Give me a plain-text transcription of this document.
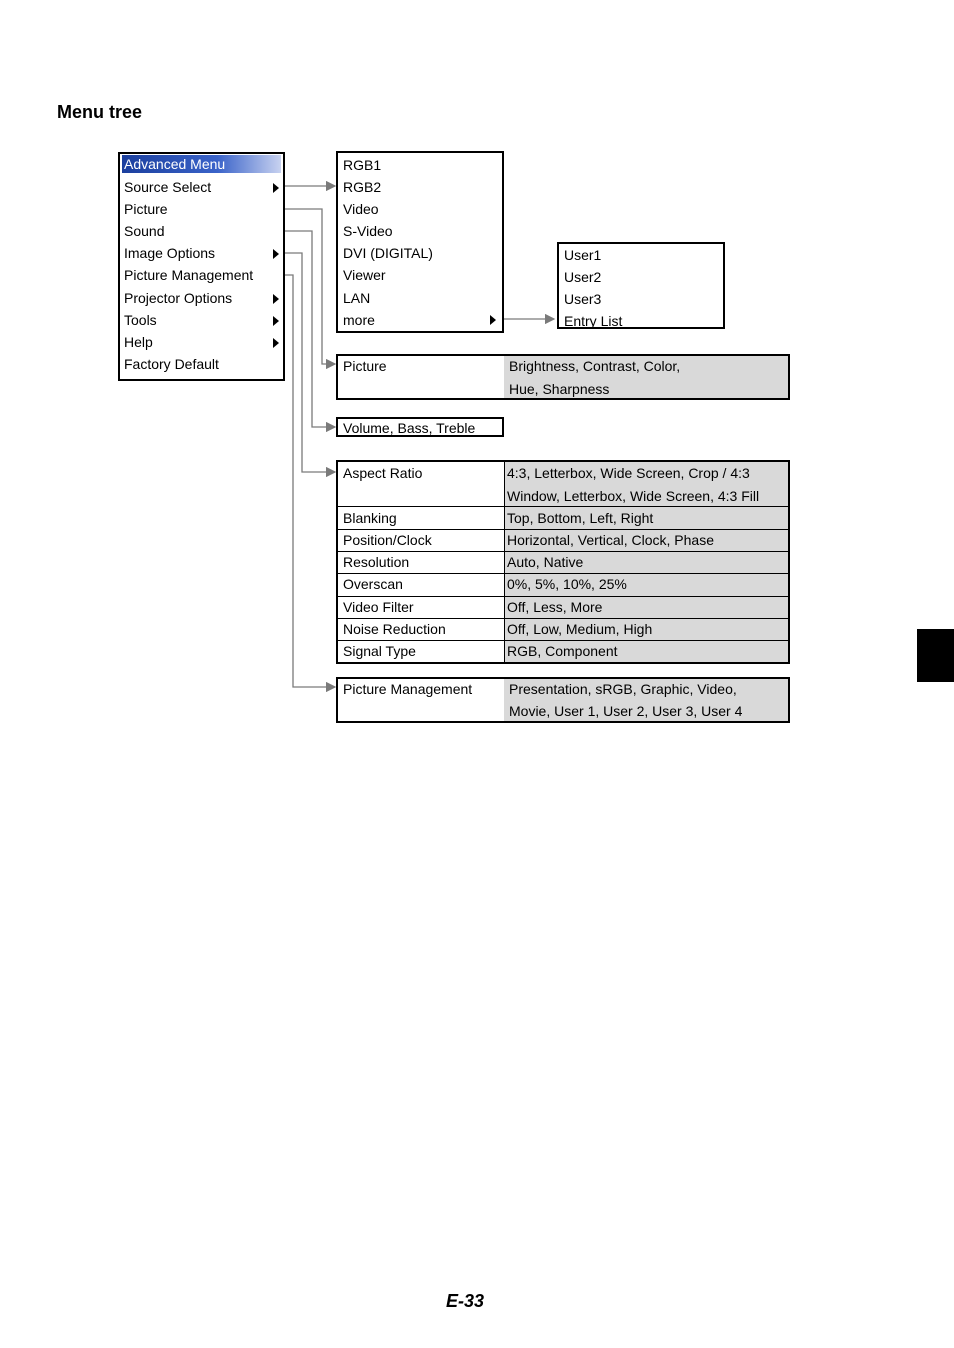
Menu tree
Advanced Menu
Source Select
Picture
Sound
Image Options
Picture Management
Projector Options
Tools
Help
Factory Default
RGB1
RGB2
Video
S-Video
DVI (DIGITAL)
Viewer
LAN
more
User1
User2
User3
Entry List
Picture	Brightness, Contrast, Color,
Hue, Sharpness
Volume, Bass, Treble
Aspect Ratio	4:3, Letterbox, Wide Screen, Crop / 4:3
Window, Letterbox, Wide Screen, 4:3 Fill
Blanking	Top, Bottom, Left, Right
Position/Clock	Horizontal, Vertical, Clock, Phase
Resolution	Auto, Native
Overscan	0%, 5%, 10%, 25%
Video Filter	Off, Less, More
Noise Reduction	Off, Low, Medium, High
Signal Type	RGB, Component
Picture Management	Presentation, sRGB, Graphic, Video,
Movie, User 1, User 2, User 3, User 4
E-33
